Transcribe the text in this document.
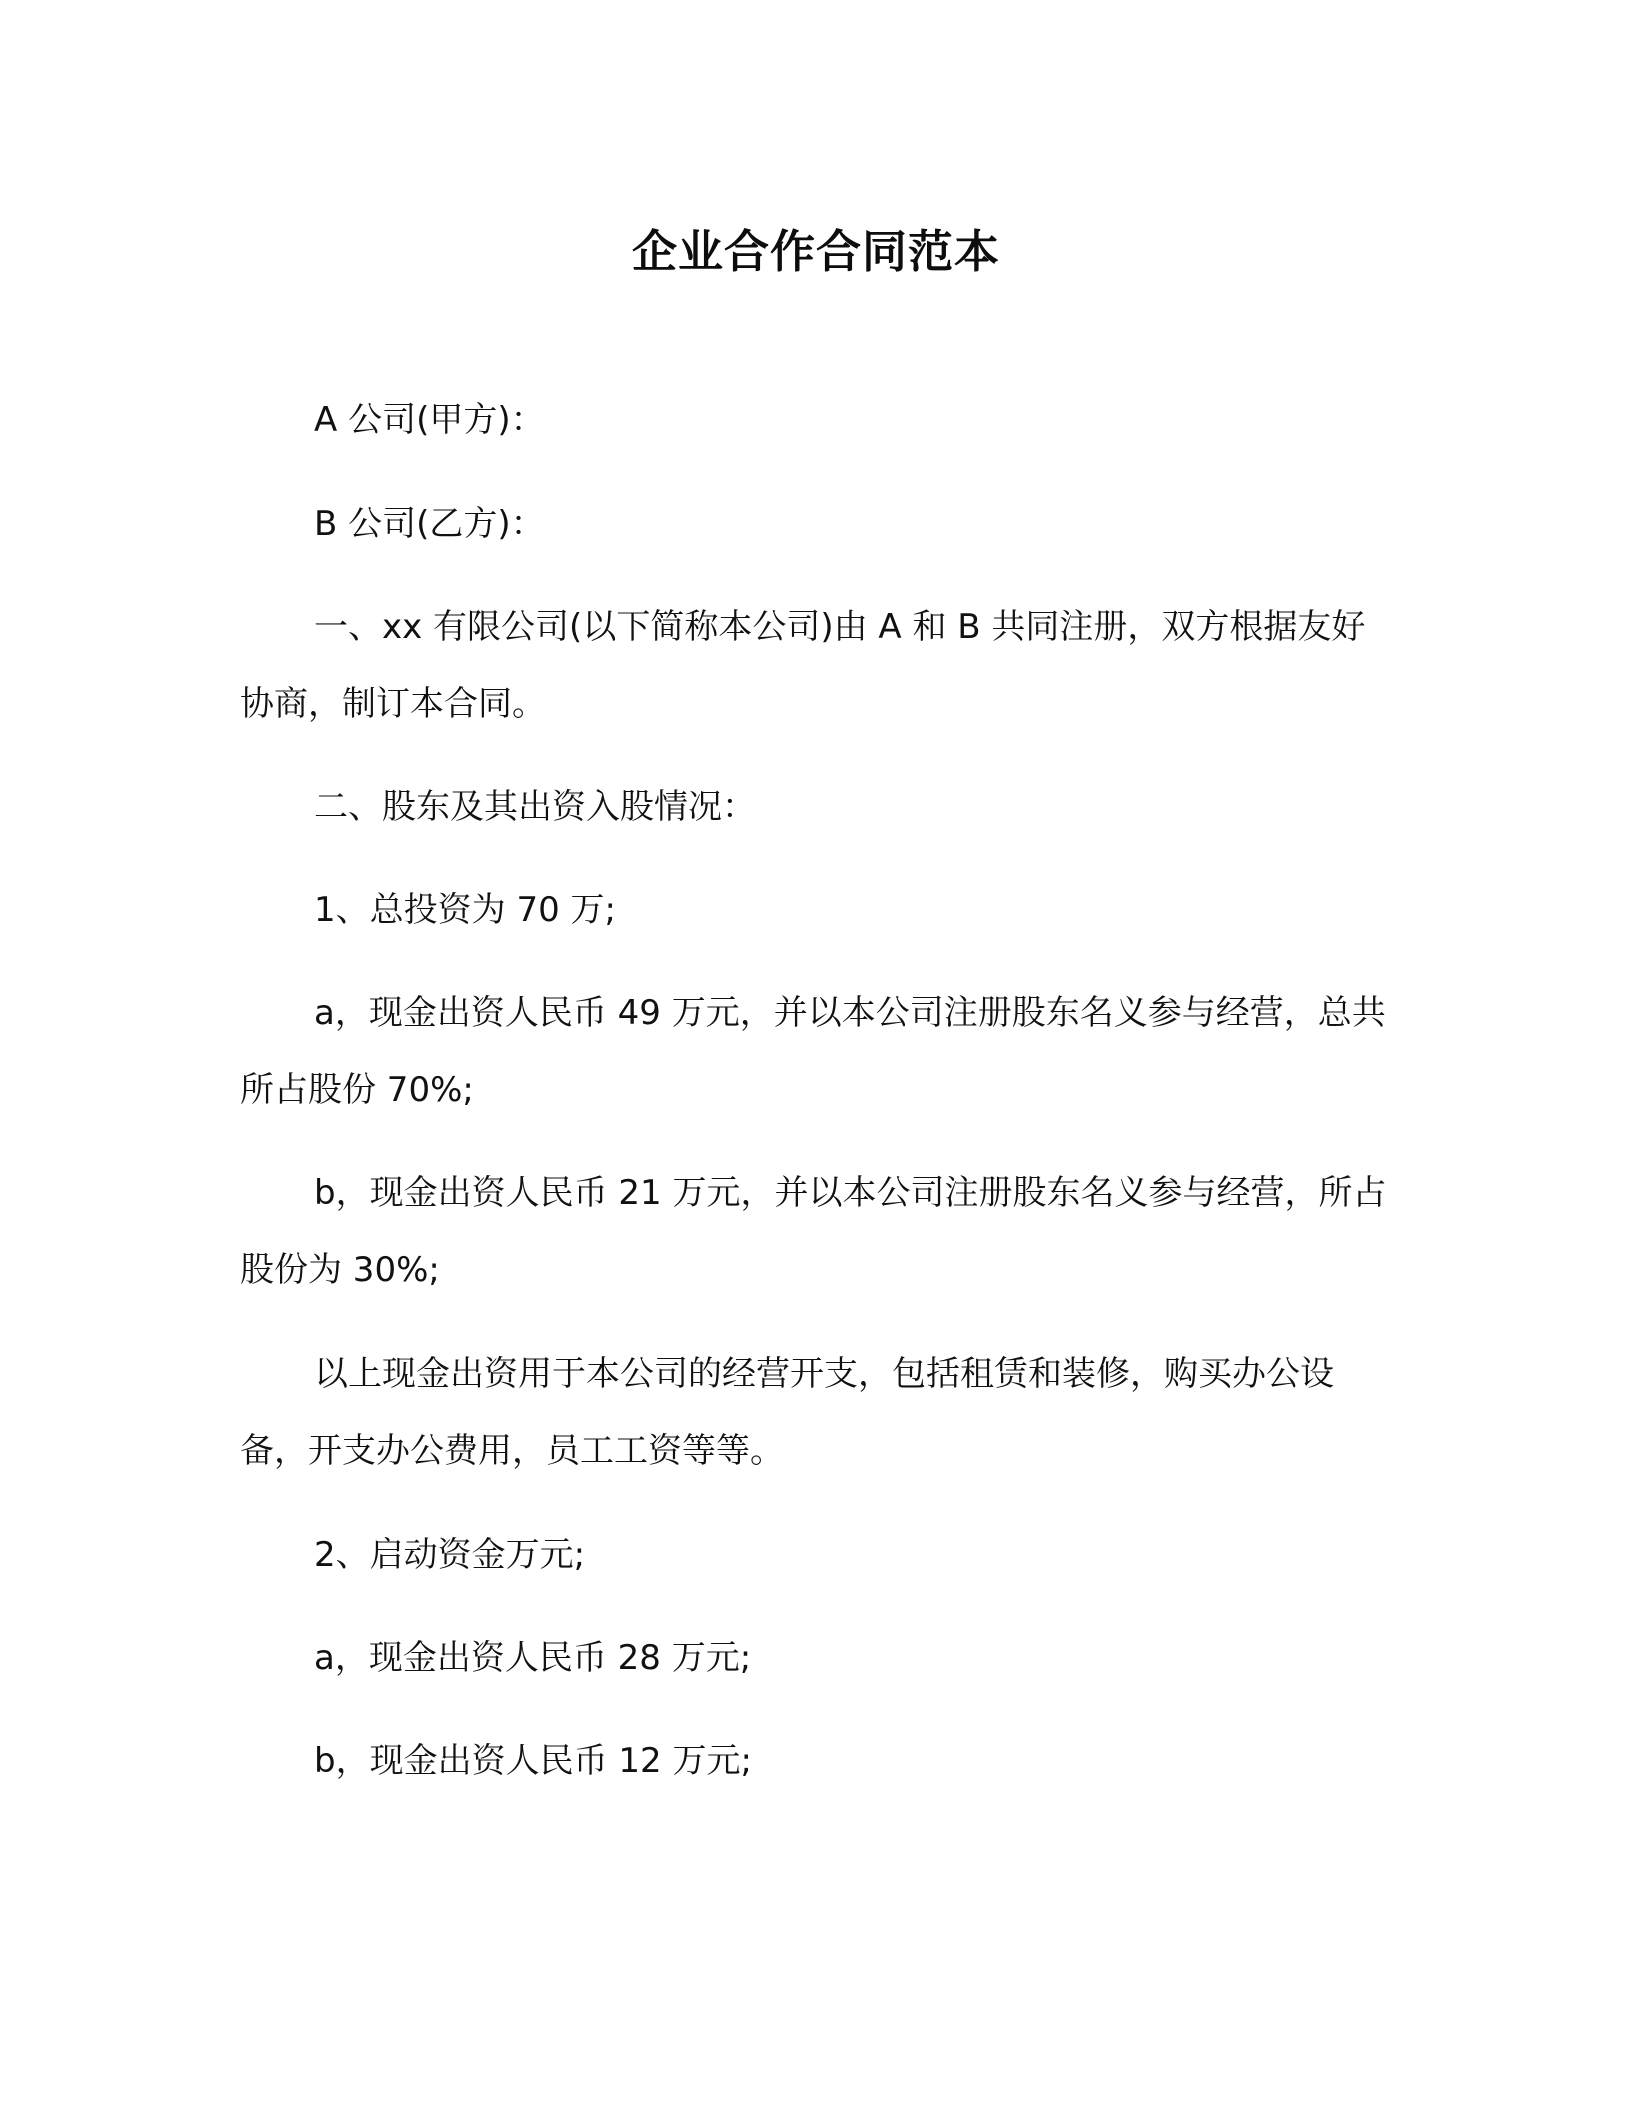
企业合作合同范本
A 公司(甲方)：
B 公司(乙方)：
一、xx 有限公司(以下简称本公司)由 A 和 B 共同注册，双方根据友好协商，制订本合同。
二、股东及其出资入股情况：
1、总投资为 70 万;
a，现金出资人民币 49 万元，并以本公司注册股东名义参与经营，总共所占股份 70%;
b，现金出资人民币 21 万元，并以本公司注册股东名义参与经营，所占股份为 30%;
以上现金出资用于本公司的经营开支，包括租赁和装修，购买办公设备，开支办公费用，员工工资等等。
2、启动资金万元;
a，现金出资人民币 28 万元;
b，现金出资人民币 12 万元;
